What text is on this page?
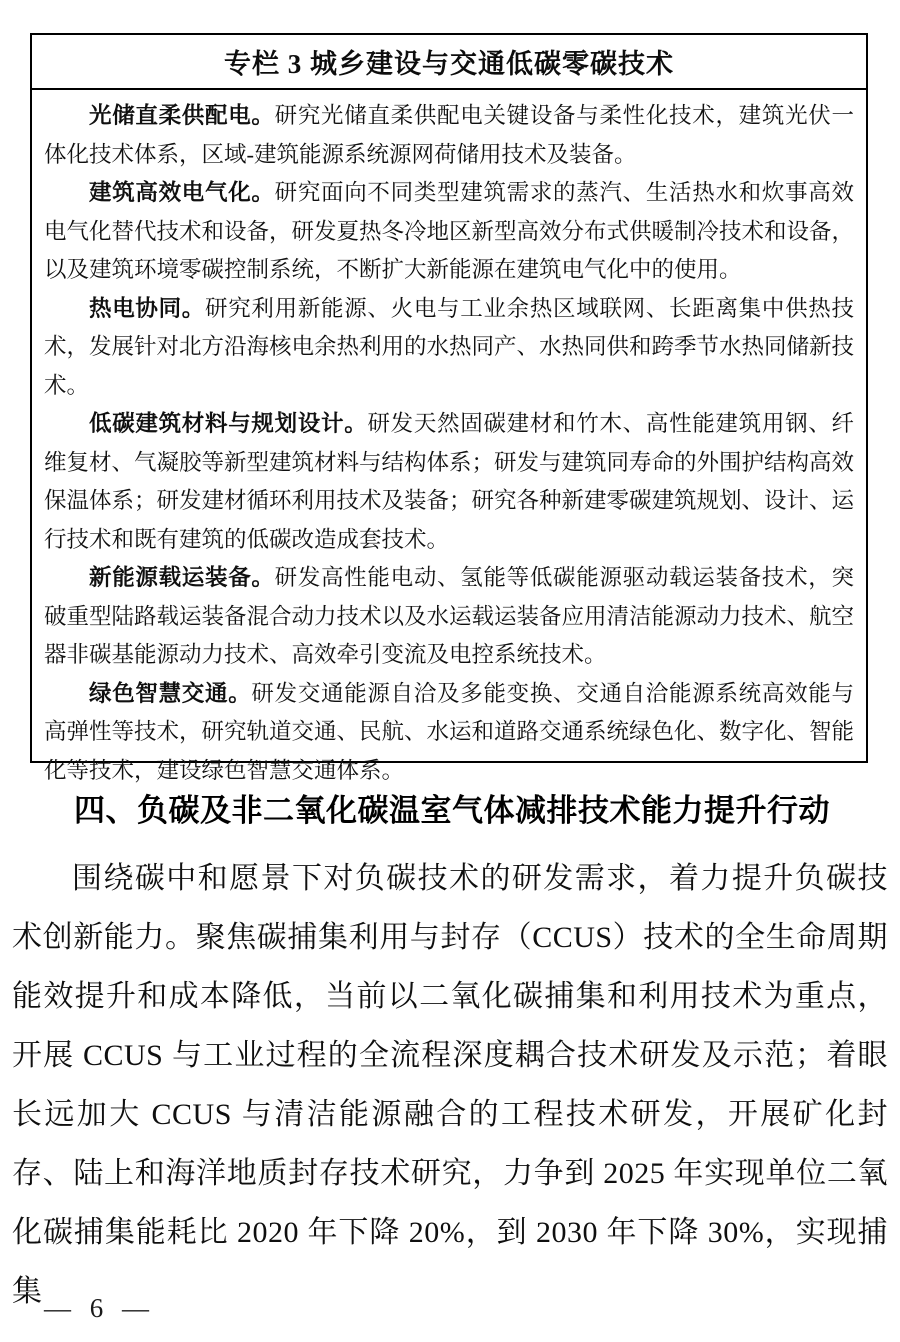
专栏 3 城乡建设与交通低碳零碳技术

光储直柔供配电。研究光储直柔供配电关键设备与柔性化技术，建筑光伏一体化技术体系，区域-建筑能源系统源网荷储用技术及装备。

建筑高效电气化。研究面向不同类型建筑需求的蒸汽、生活热水和炊事高效电气化替代技术和设备，研发夏热冬冷地区新型高效分布式供暖制冷技术和设备，以及建筑环境零碳控制系统，不断扩大新能源在建筑电气化中的使用。

热电协同。研究利用新能源、火电与工业余热区域联网、长距离集中供热技术，发展针对北方沿海核电余热利用的水热同产、水热同供和跨季节水热同储新技术。

低碳建筑材料与规划设计。研发天然固碳建材和竹木、高性能建筑用钢、纤维复材、气凝胶等新型建筑材料与结构体系；研发与建筑同寿命的外围护结构高效保温体系；研发建材循环利用技术及装备；研究各种新建零碳建筑规划、设计、运行技术和既有建筑的低碳改造成套技术。

新能源载运装备。研发高性能电动、氢能等低碳能源驱动载运装备技术，突破重型陆路载运装备混合动力技术以及水运载运装备应用清洁能源动力技术、航空器非碳基能源动力技术、高效牵引变流及电控系统技术。

绿色智慧交通。研发交通能源自洽及多能变换、交通自洽能源系统高效能与高弹性等技术，研究轨道交通、民航、水运和道路交通系统绿色化、数字化、智能化等技术，建设绿色智慧交通体系。

四、负碳及非二氧化碳温室气体减排技术能力提升行动

围绕碳中和愿景下对负碳技术的研发需求，着力提升负碳技术创新能力。聚焦碳捕集利用与封存（CCUS）技术的全生命周期能效提升和成本降低，当前以二氧化碳捕集和利用技术为重点，开展 CCUS 与工业过程的全流程深度耦合技术研发及示范；着眼长远加大 CCUS 与清洁能源融合的工程技术研发，开展矿化封存、陆上和海洋地质封存技术研究，力争到 2025 年实现单位二氧化碳捕集能耗比 2020 年下降 20%，到 2030 年下降 30%，实现捕集 — 6 —
